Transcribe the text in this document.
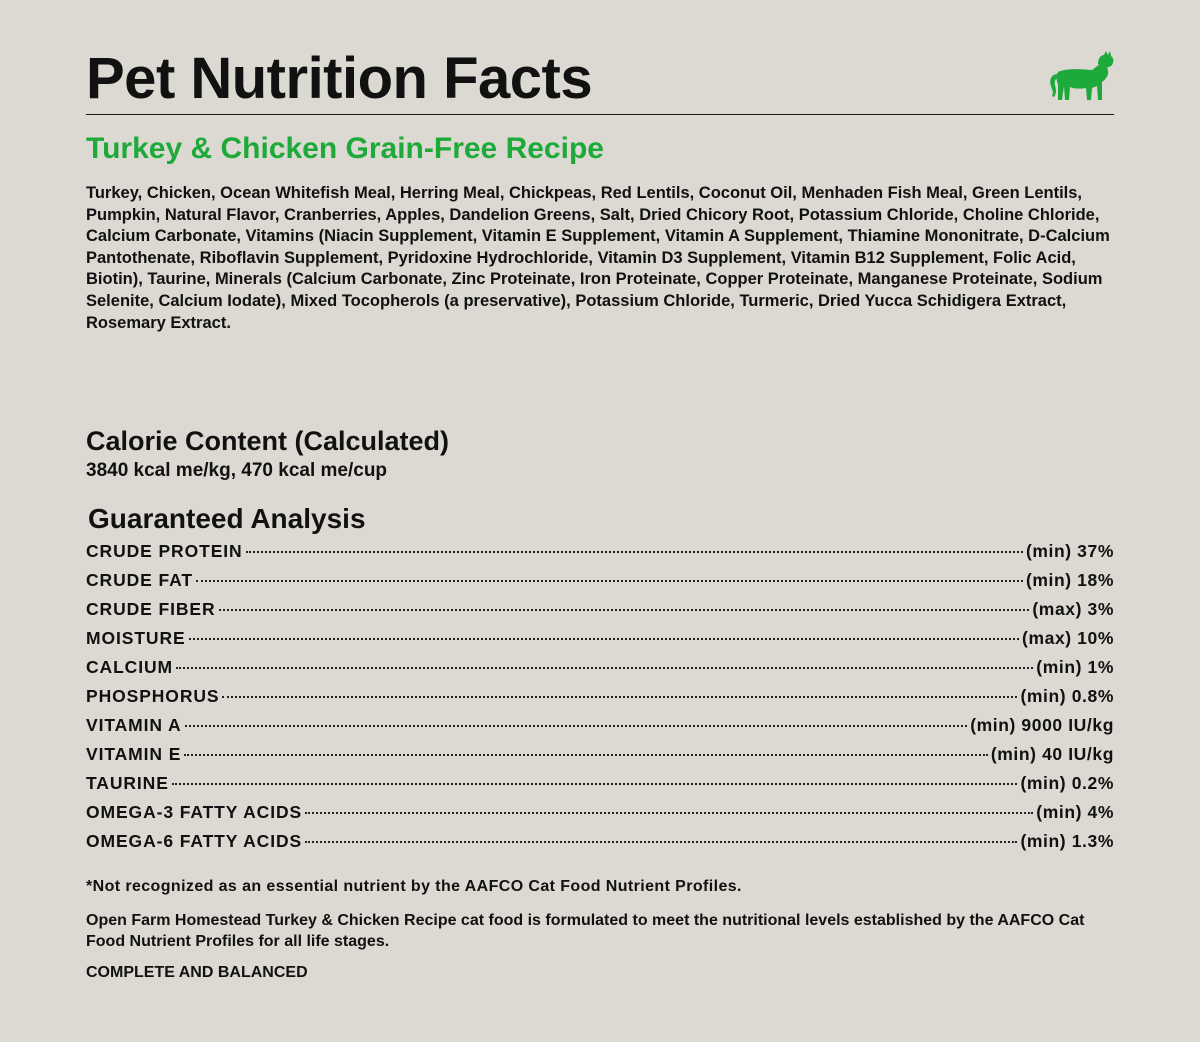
Pet Nutrition Facts
Turkey & Chicken Grain-Free Recipe

Turkey, Chicken, Ocean Whitefish Meal, Herring Meal, Chickpeas, Red Lentils, Coconut Oil, Menhaden Fish Meal, Green Lentils, Pumpkin, Natural Flavor, Cranberries, Apples, Dandelion Greens, Salt, Dried Chicory Root, Potassium Chloride, Choline Chloride, Calcium Carbonate, Vitamins (Niacin Supplement, Vitamin E Supplement, Vitamin A Supplement, Thiamine Mononitrate, D-Calcium Pantothenate, Riboflavin Supplement, Pyridoxine Hydrochloride, Vitamin D3 Supplement, Vitamin B12 Supplement, Folic Acid, Biotin), Taurine, Minerals (Calcium Carbonate, Zinc Proteinate, Iron Proteinate, Copper Proteinate, Manganese Proteinate, Sodium Selenite, Calcium Iodate), Mixed Tocopherols (a preservative), Potassium Chloride, Turmeric, Dried Yucca Schidigera Extract, Rosemary Extract.

Calorie Content (Calculated)

3840 kcal me/kg, 470 kcal me/cup

Guaranteed Analysis
CRUDE PROTEIN	(min) 37%
CRUDE FAT	(min) 18%
CRUDE FIBER	(max) 3%
MOISTURE	(max) 10%
CALCIUM	(min) 1%
PHOSPHORUS	(min) 0.8%
VITAMIN A	(min) 9000 IU/kg
VITAMIN E	(min) 40 IU/kg
TAURINE	(min) 0.2%
OMEGA-3 FATTY ACIDS	(min) 4%
OMEGA-6 FATTY ACIDS	(min) 1.3%

*Not recognized as an essential nutrient by the AAFCO Cat Food Nutrient Profiles.

Open Farm Homestead Turkey & Chicken Recipe cat food is formulated to meet the nutritional levels established by the AAFCO Cat Food Nutrient Profiles for all life stages.

COMPLETE AND BALANCED
